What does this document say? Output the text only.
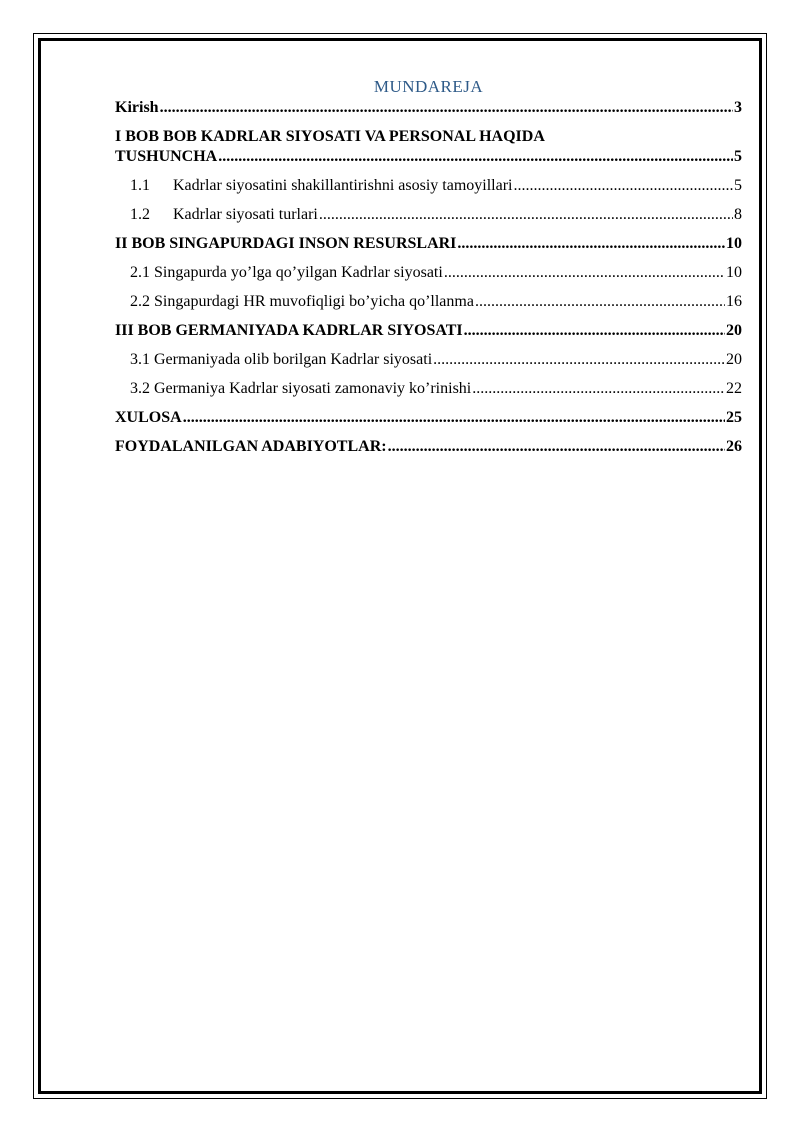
MUNDAREJA
Kirish .....	3
I BOB BOB KADRLAR SIYOSATI VA PERSONAL HAQIDA
TUSHUNCHA .....	5
1.1	Kadrlar siyosatini shakillantirishni asosiy tamoyillari .....	5
1.2	Kadrlar siyosati turlari .....	8
II BOB SINGAPURDAGI INSON RESURSLARI .....	10
2.1 Singapurda yo’lga qo’yilgan Kadrlar siyosati .....	10
2.2 Singapurdagi HR muvofiqligi bo’yicha qo’llanma .....	16
III BOB GERMANIYADA KADRLAR SIYOSATI .....	20
3.1 Germaniyada olib borilgan Kadrlar siyosati .....	20
3.2 Germaniya Kadrlar siyosati zamonaviy ko’rinishi .....	22
XULOSA .....	25
FOYDALANILGAN ADABIYOTLAR: .....	26
